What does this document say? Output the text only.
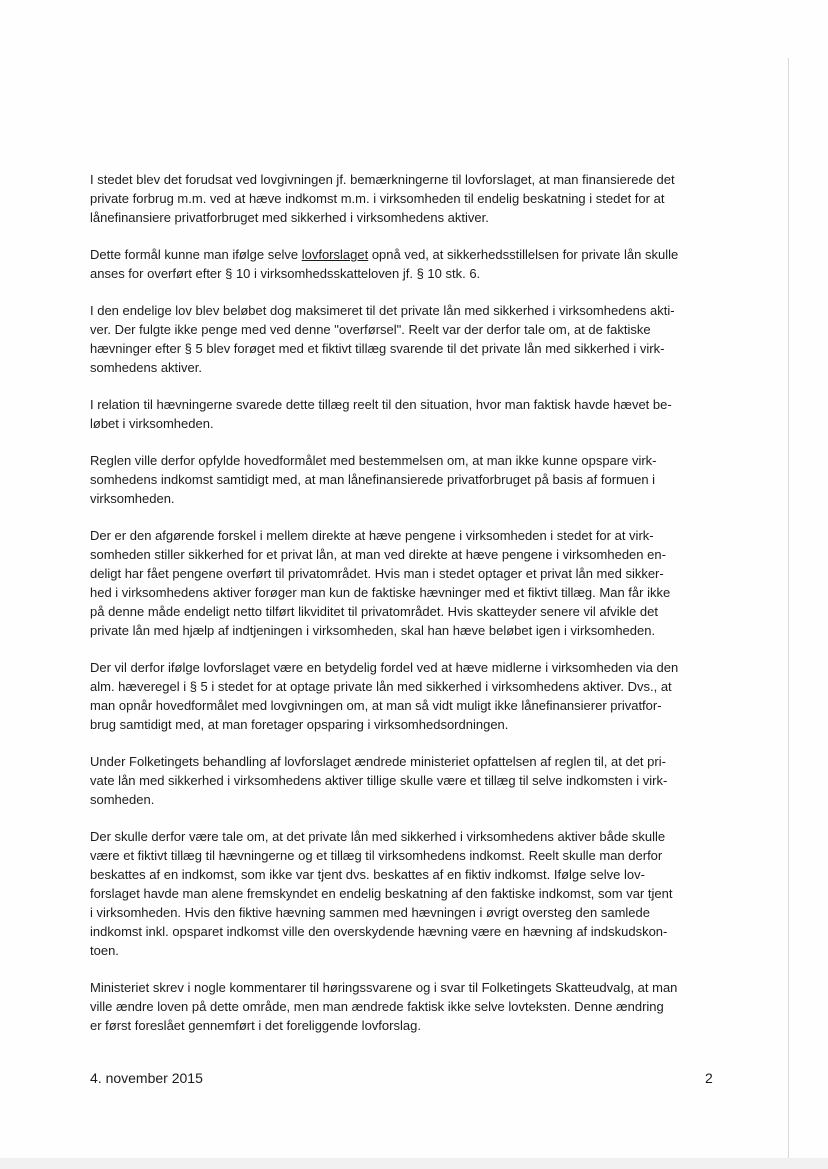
I stedet blev det forudsat ved lovgivningen jf. bemærkningerne til lovforslaget, at man finansierede det
private forbrug m.m. ved at hæve indkomst m.m. i virksomheden til endelig beskatning i stedet for at
lånefinansiere privatforbruget med sikkerhed i virksomhedens aktiver.

Dette formål kunne man ifølge selve lovforslaget opnå ved, at sikkerhedsstillelsen for private lån skulle
anses for overført efter § 10 i virksomhedsskatteloven jf. § 10 stk. 6.

I den endelige lov blev beløbet dog maksimeret til det private lån med sikkerhed i virksomhedens akti-
ver. Der fulgte ikke penge med ved denne "overførsel". Reelt var der derfor tale om, at de faktiske
hævninger efter § 5 blev forøget med et fiktivt tillæg svarende til det private lån med sikkerhed i virk-
somhedens aktiver.

I relation til hævningerne svarede dette tillæg reelt til den situation, hvor man faktisk havde hævet be-
løbet i virksomheden.

Reglen ville derfor opfylde hovedformålet med bestemmelsen om, at man ikke kunne opspare virk-
somhedens indkomst samtidigt med, at man lånefinansierede privatforbruget på basis af formuen i
virksomheden.

Der er den afgørende forskel i mellem direkte at hæve pengene i virksomheden i stedet for at virk-
somheden stiller sikkerhed for et privat lån, at man ved direkte at hæve pengene i virksomheden en-
deligt har fået pengene overført til privatområdet. Hvis man i stedet optager et privat lån med sikker-
hed i virksomhedens aktiver forøger man kun de faktiske hævninger med et fiktivt tillæg. Man får ikke
på denne måde endeligt netto tilført likviditet til privatområdet. Hvis skatteyder senere vil afvikle det
private lån med hjælp af indtjeningen i virksomheden, skal han hæve beløbet igen i virksomheden.

Der vil derfor ifølge lovforslaget være en betydelig fordel ved at hæve midlerne i virksomheden via den
alm. hæveregel i § 5 i stedet for at optage private lån med sikkerhed i virksomhedens aktiver. Dvs., at
man opnår hovedformålet med lovgivningen om, at man så vidt muligt ikke lånefinansierer privatfor-
brug samtidigt med, at man foretager opsparing i virksomhedsordningen.

Under Folketingets behandling af lovforslaget ændrede ministeriet opfattelsen af reglen til, at det pri-
vate lån med sikkerhed i virksomhedens aktiver tillige skulle være et tillæg til selve indkomsten i virk-
somheden.

Der skulle derfor være tale om, at det private lån med sikkerhed i virksomhedens aktiver både skulle
være et fiktivt tillæg til hævningerne og et tillæg til virksomhedens indkomst. Reelt skulle man derfor
beskattes af en indkomst, som ikke var tjent dvs. beskattes af en fiktiv indkomst. Ifølge selve lov-
forslaget havde man alene fremskyndet en endelig beskatning af den faktiske indkomst, som var tjent
i virksomheden. Hvis den fiktive hævning sammen med hævningen i øvrigt oversteg den samlede
indkomst inkl. opsparet indkomst ville den overskydende hævning være en hævning af indskudskon-
toen.

Ministeriet skrev i nogle kommentarer til høringssvarene og i svar til Folketingets Skatteudvalg, at man
ville ændre loven på dette område, men man ændrede faktisk ikke selve lovteksten. Denne ændring
er først foreslået gennemført i det foreliggende lovforslag.

4. november 2015	2
